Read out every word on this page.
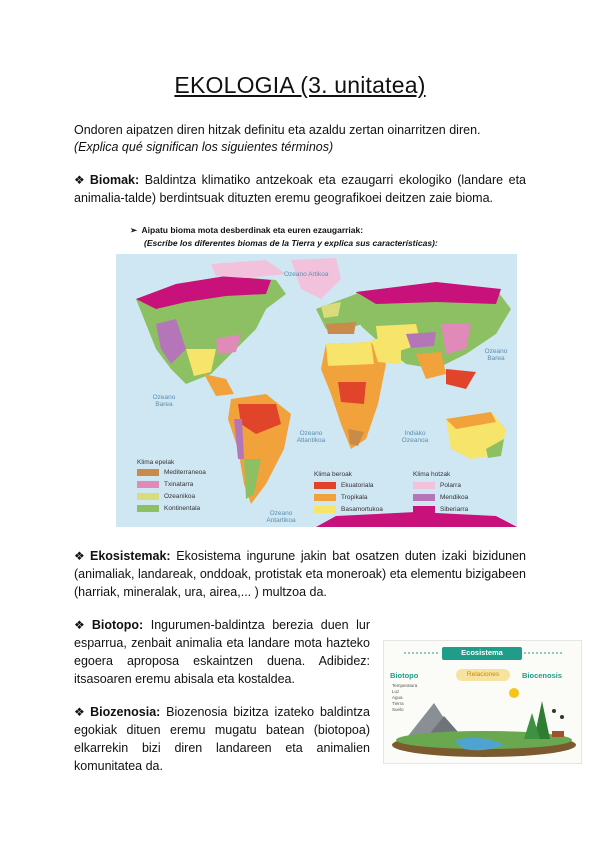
EKOLOGIA (3. unitatea)
Ondoren aipatzen diren hitzak definitu eta azaldu zertan oinarritzen diren.
(Explica qué significan los siguientes términos)
❖ Biomak: Baldintza klimatiko antzekoak eta ezaugarri ekologiko (landare eta animalia-talde) berdintsuak dituzten eremu geografikoei deitzen zaie bioma.
➢ Aipatu bioma mota desberdinak eta euren ezaugarriak:
(Escribe los diferentes biomas de la Tierra y explica sus características):
Ozeano Artikoa
Ozeano Barea
Ozeano Barea
Ozeano Atlantikoa
Indiako Ozeanoa
Ozeano Antartikoa
Klima epelak
Mediterraneoa
Txinatarra
Ozeanikoa
Kontinentala
Klima beroak
Ekuatoriala
Tropikala
Basamortukoa
Klima hotzak
Polarra
Mendikoa
Siberiarra
❖ Ekosistemak: Ekosistema ingurune jakin bat osatzen duten izaki bizidunen (animaliak, landareak, onddoak, protistak eta moneroak) eta elementu bizigabeen (harriak, mineralak, ura, airea,... ) multzoa da.
❖ Biotopo: Ingurumen-baldintza berezia duen lur esparrua, zenbait animalia eta landare mota hazteko egoera aproposa eskaintzen duena. Adibidez: itsasoaren eremu abisala eta kostaldea.
❖ Biozenosia: Biozenosia bizitza izateko baldintza egokiak dituen eremu mugatu batean (biotopoa) elkarrekin bizi diren landareen eta animalien komunitatea da.
Ecosistema
Biotopo	Relaciones	Biocenosis
Temperatura
Luz
Agua
Tierra
Suelo
